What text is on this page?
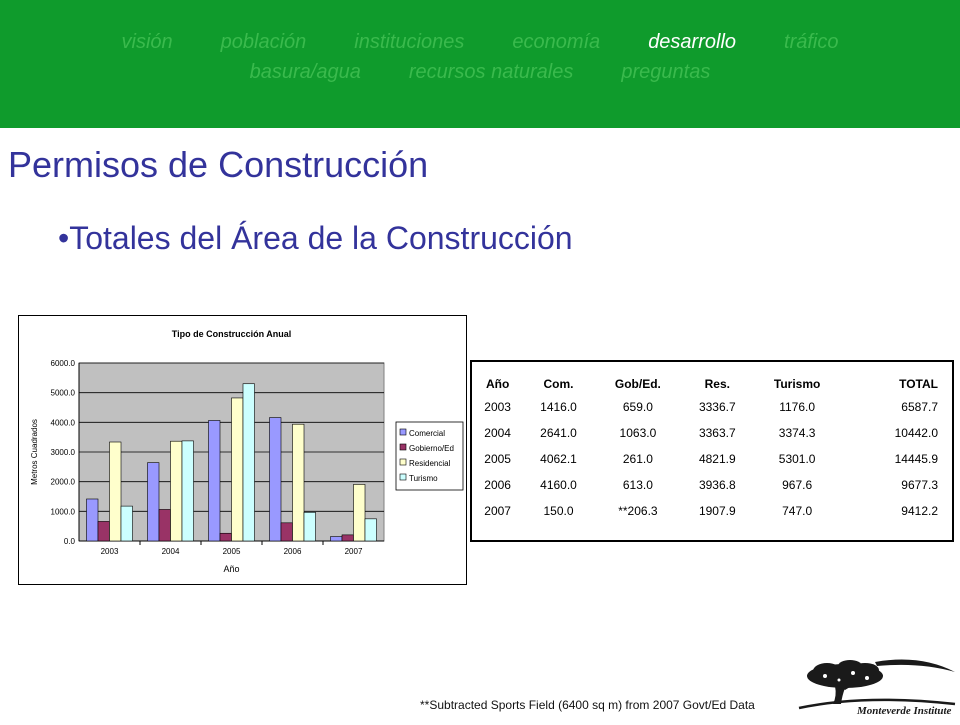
visión población instituciones economía desarrollo tráfico
basura/agua recursos naturales preguntas
Permisos de Construcción
•Totales del Área de la Construcción
0.0
1000.0
2000.0
3000.0
4000.0
5000.0
6000.0
2003	2004	2005	2006	2007
Tipo de Construcción Anual
Año
Metros Cuadrados	Comercial
Gobierno/Ed
Residencial
Turismo
Año	Com.	Gob/Ed.	Res.	Turismo	TOTAL
2003	1416.0	659.0	3336.7	1176.0	6587.7
2004	2641.0	1063.0	3363.7	3374.3	10442.0
2005	4062.1	261.0	4821.9	5301.0	14445.9
2006	4160.0	613.0	3936.8	967.6	9677.3
2007	150.0	**206.3	1907.9	747.0	9412.2
**Subtracted Sports Field (6400 sq m) from 2007 Govt/Ed Data	Monteverde Institute
